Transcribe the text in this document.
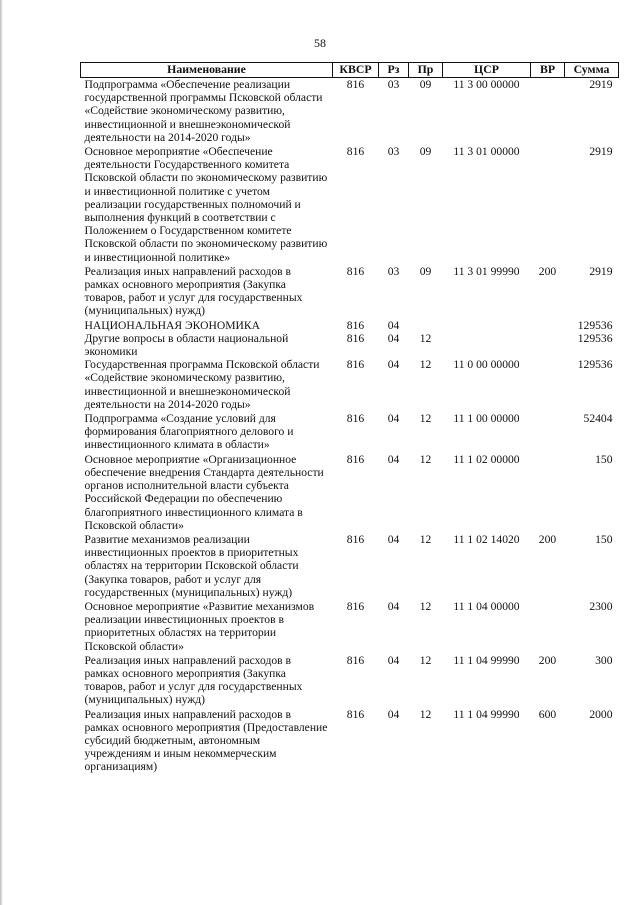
58
Наименование	КВСР	Рз	Пр	ЦСР	ВР	Сумма
Подпрограмма «Обеспечение реализации государственной программы Псковской области «Содействие экономическому развитию, инвестиционной и внешнеэкономической деятельности на 2014-2020 годы»	816	03	09	11 3 00 00000		2919
Основное мероприятие «Обеспечение деятельности Государственного комитета Псковской области по экономическому развитию и инвестиционной политике с учетом реализации государственных полномочий и выполнения функций в соответствии с Положением о Государственном комитете Псковской области по экономическому развитию и инвестиционной политике»	816	03	09	11 3 01 00000		2919
Реализация иных направлений расходов в рамках основного мероприятия (Закупка товаров, работ и услуг для государственных (муниципальных) нужд)	816	03	09	11 3 01 99990	200	2919
НАЦИОНАЛЬНАЯ ЭКОНОМИКА	816	04				129536
Другие вопросы в области национальной экономики	816	04	12			129536
Государственная программа Псковской области «Содействие экономическому развитию, инвестиционной и внешнеэкономической деятельности на 2014-2020 годы»	816	04	12	11 0 00 00000		129536
Подпрограмма «Создание условий для формирования благоприятного делового и инвестиционного климата в области»	816	04	12	11 1 00 00000		52404
Основное мероприятие «Организационное обеспечение внедрения Стандарта деятельности органов исполнительной власти субъекта Российской Федерации по обеспечению благоприятного инвестиционного климата в Псковской области»	816	04	12	11 1 02 00000		150
Развитие механизмов реализации инвестиционных проектов в приоритетных областях на территории Псковской области (Закупка товаров, работ и услуг для государственных (муниципальных) нужд)	816	04	12	11 1 02 14020	200	150
Основное мероприятие «Развитие механизмов реализации инвестиционных проектов в приоритетных областях на территории Псковской области»	816	04	12	11 1 04 00000		2300
Реализация иных направлений расходов в рамках основного мероприятия (Закупка товаров, работ и услуг для государственных (муниципальных) нужд)	816	04	12	11 1 04 99990	200	300
Реализация иных направлений расходов в рамках основного мероприятия (Предоставление субсидий бюджетным, автономным учреждениям и иным некоммерческим организациям)	816	04	12	11 1 04 99990	600	2000
